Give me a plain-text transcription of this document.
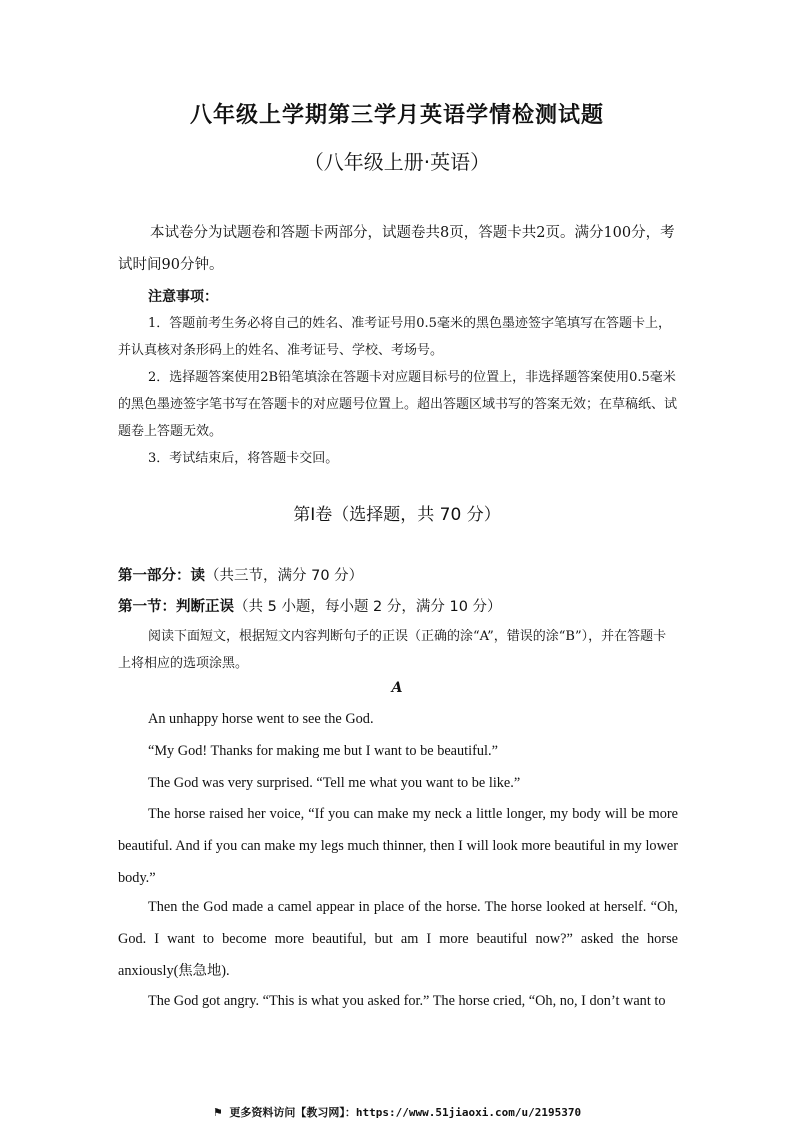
八年级上学期第三学月英语学情检测试题
（八年级上册·英语）
本试卷分为试题卷和答题卡两部分，试题卷共8页，答题卡共2页。满分100分，考试时间90分钟。
注意事项：
1．答题前考生务必将自己的姓名、准考证号用0.5毫米的黑色墨迹签字笔填写在答题卡上，并认真核对条形码上的姓名、准考证号、学校、考场号。
2．选择题答案使用2B铅笔填涂在答题卡对应题目标号的位置上，非选择题答案使用0.5毫米的黑色墨迹签字笔书写在答题卡的对应题号位置上。超出答题区域书写的答案无效；在草稿纸、试题卷上答题无效。
3．考试结束后，将答题卡交回。
第Ⅰ卷（选择题，共 70 分）
第一部分：读（共三节，满分 70 分）
第一节：判断正误（共 5 小题，每小题 2 分，满分 10 分）
阅读下面短文，根据短文内容判断句子的正误（正确的涂“A”，错误的涂“B”），并在答题卡上将相应的选项涂黑。
A
An unhappy horse went to see the God.
“My God! Thanks for making me but I want to be beautiful.”
The God was very surprised. “Tell me what you want to be like.”
The horse raised her voice, “If you can make my neck a little longer, my body will be more beautiful. And if you can make my legs much thinner, then I will look more beautiful in my lower body.”
Then the God made a camel appear in place of the horse. The horse looked at herself. “Oh, God. I want to become more beautiful, but am I more beautiful now?” asked the horse anxiously(焦急地).
The God got angry. “This is what you asked for.” The horse cried, “Oh, no, I don’t want to
⚑ 更多资料访问【教习网】：https://www.51jiaoxi.com/u/2195370
